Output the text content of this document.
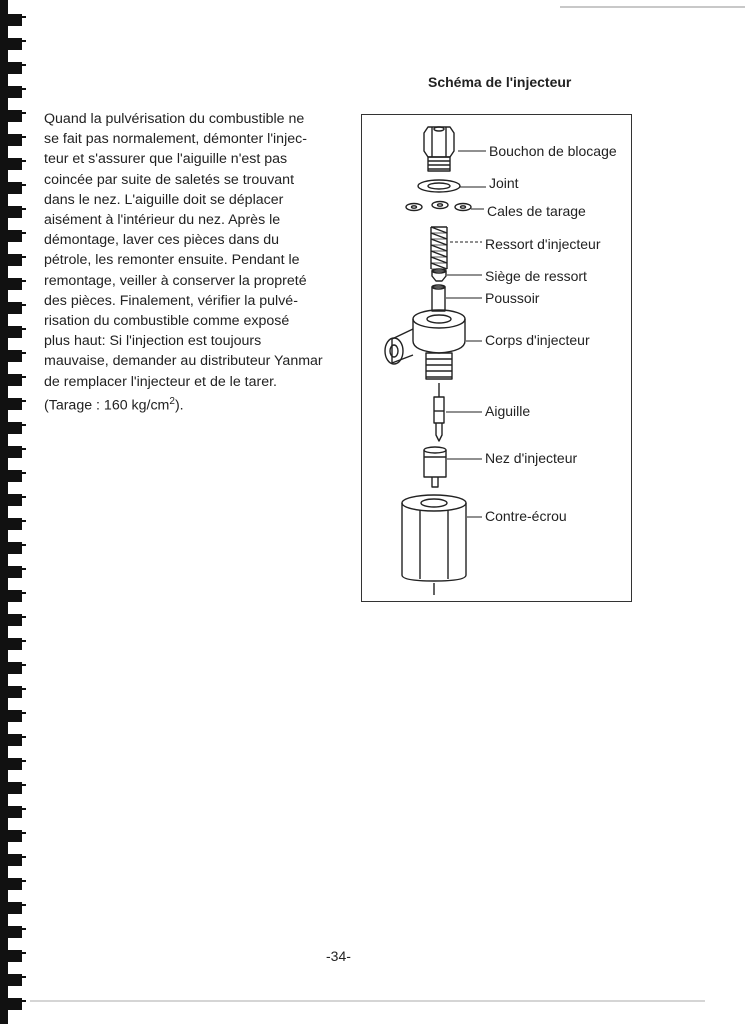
Quand la pulvérisation du combustible ne
se fait pas normalement, démonter l'injec-
teur et s'assurer que l'aiguille n'est pas
coincée par suite de saletés se trouvant
dans le nez. L'aiguille doit se déplacer
aisément à l'intérieur du nez. Après le
démontage, laver ces pièces dans du
pétrole, les remonter ensuite. Pendant le
remontage, veiller à conserver la propreté
des pièces. Finalement, vérifier la pulvé-
risation du combustible comme exposé
plus haut: Si l'injection est toujours
mauvaise, demander au distributeur Yanmar
de remplacer l'injecteur et de le tarer.
(Tarage : 160 $kg/cm^2$).
Schéma de l'injecteur
Bouchon de blocage
Joint
Cales de tarage
Ressort d'injecteur
Siège de ressort
Poussoir
Corps d'injecteur
Aiguille
Nez d'injecteur
Contre-écrou
-34-
